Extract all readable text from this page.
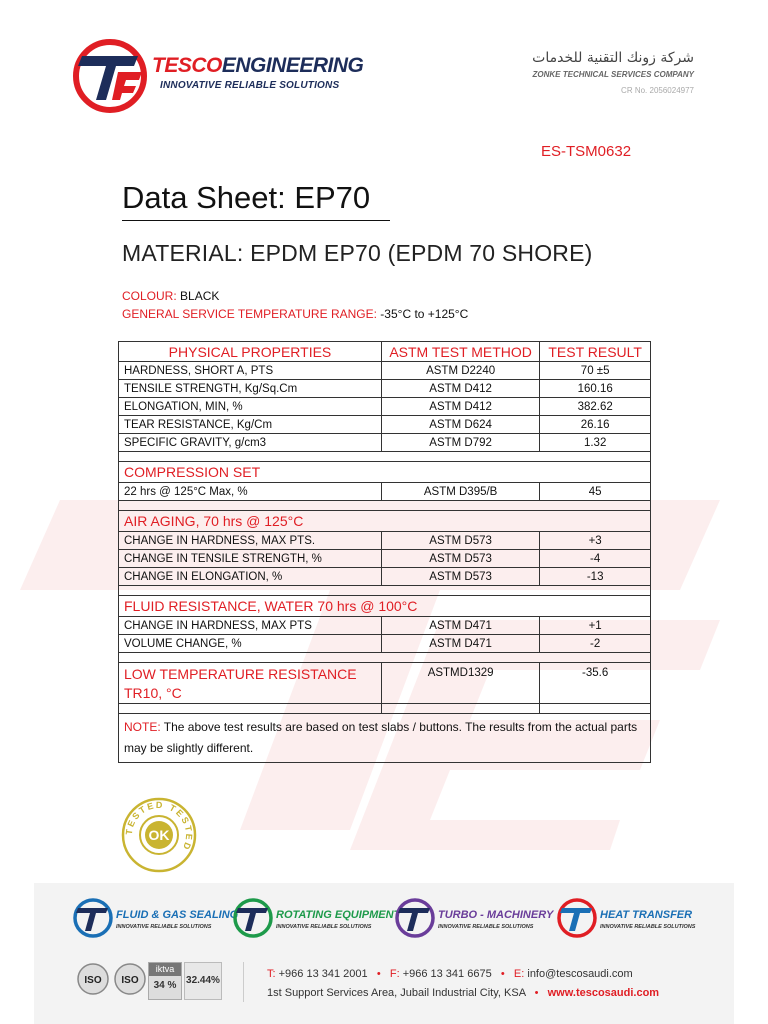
TESCOENGINEERING
INNOVATIVE RELIABLE SOLUTIONS
شركة زونك التقنية للخدمات
ZONKE TECHNICAL SERVICES COMPANY
CR No. 2056024977
ES-TSM0632
Data Sheet: EP70
MATERIAL: EPDM EP70 (EPDM 70 SHORE)
COLOUR: BLACK
GENERAL SERVICE TEMPERATURE RANGE: -35°C to +125°C
PHYSICAL PROPERTIES	ASTM TEST METHOD	TEST RESULT
HARDNESS, SHORT A, PTS	ASTM D2240	70 ±5
TENSILE STRENGTH, Kg/Sq.Cm	ASTM D412	160.16
ELONGATION, MIN, %	ASTM D412	382.62
TEAR RESISTANCE, Kg/Cm	ASTM D624	26.16
SPECIFIC GRAVITY, g/cm3	ASTM D792	1.32

COMPRESSION SET		
22 hrs @ 125°C Max, %	ASTM D395/B	45

AIR AGING, 70 hrs @ 125°C		
CHANGE IN HARDNESS, MAX PTS.	ASTM D573	+3
CHANGE IN TENSILE STRENGTH, %	ASTM D573	-4
CHANGE IN ELONGATION, %	ASTM D573	-13

FLUID RESISTANCE, WATER 70 hrs @ 100°C		
CHANGE IN HARDNESS, MAX PTS	ASTM D471	+1
VOLUME CHANGE, %	ASTM D471	-2

LOW TEMPERATURE RESISTANCE
TR10, °C	ASTMD1329	-35.6

NOTE: The above test results are based on test slabs / buttons. The results from the actual parts may be slightly different.		
TESTED TESTED
OK
FLUID & GAS SEALING
INNOVATIVE RELIABLE SOLUTIONS
ROTATING EQUIPMENT
INNOVATIVE RELIABLE SOLUTIONS
TURBO - MACHINERY
INNOVATIVE RELIABLE SOLUTIONS
HEAT TRANSFER
INNOVATIVE RELIABLE SOLUTIONS
ISO ISO
iktva
34 % 32.44%
T: +966 13 341 2001 • F: +966 13 341 6675 • E: info@tescosaudi.com
1st Support Services Area, Jubail Industrial City, KSA • www.tescosaudi.com
